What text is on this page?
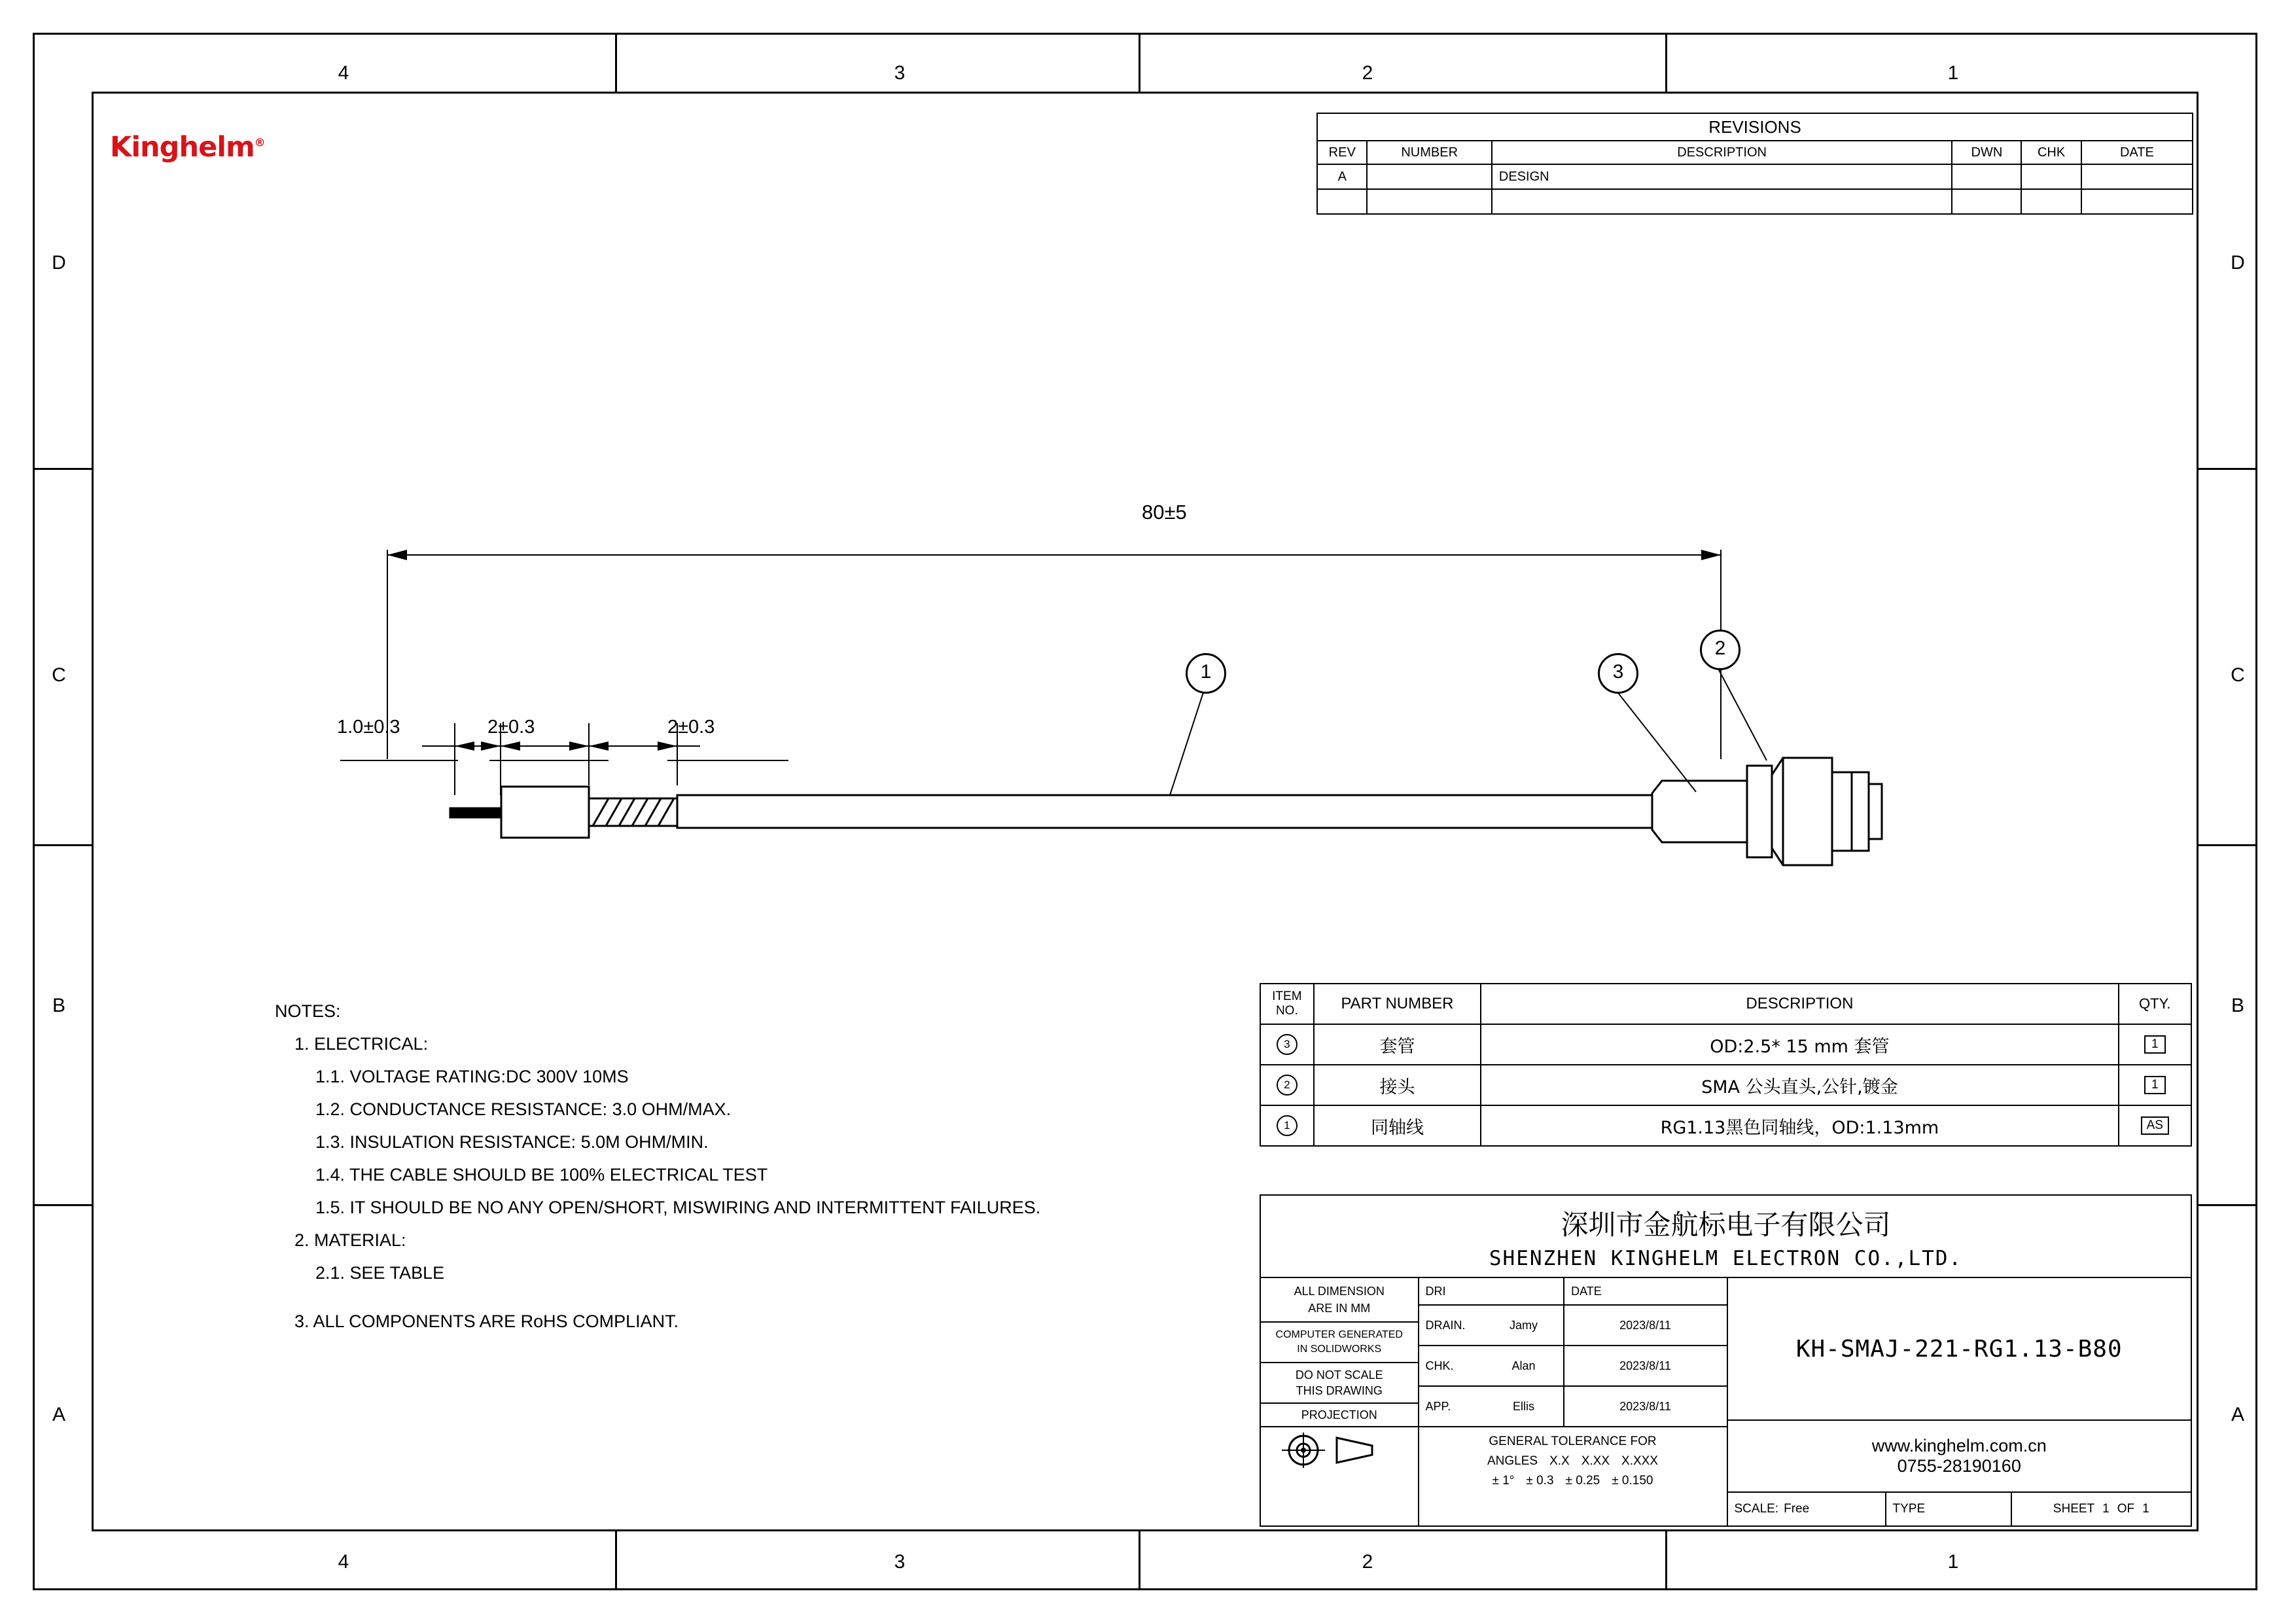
4	3	2	1
4	3	2	1
D
C
B
A
D
C
B
A
Kinghelm®
REVISIONS					
REV	NUMBER	DESCRIPTION	DWN	CHK	DATE
A		DESIGN			

80±5
1.0±0.3	2±0.3	2±0.3
1
2
3
NOTES:
1. ELECTRICAL:
1.1. VOLTAGE RATING:DC 300V 10MS
1.2. CONDUCTANCE RESISTANCE: 3.0 OHM/MAX.
1.3. INSULATION RESISTANCE: 5.0M OHM/MIN.
1.4. THE CABLE SHOULD BE 100% ELECTRICAL TEST
1.5. IT SHOULD BE NO ANY OPEN/SHORT, MISWIRING AND INTERMITTENT FAILURES.
2. MATERIAL:
2.1. SEE TABLE
3. ALL COMPONENTS ARE RoHS COMPLIANT.
ITEM
NO.	PART NUMBER	DESCRIPTION	QTY.
3	套管	OD:2.5* 15 mm 套管	1
2	接头	SMA 公头直头,公针,镀金	1
1	同轴线	RG1.13黑色同轴线，OD:1.13mm	AS
深圳市金航标电子有限公司
SHENZHEN KINGHELM ELECTRON CO.,LTD.
ALL DIMENSION
ARE IN MM
COMPUTER GENERATED
IN SOLIDWORKS
DO NOT SCALE
THIS DRAWING
PROJECTION
DRI	DATE
DRAIN.	Jamy	2023/8/11
CHK.	Alan	2023/8/11
APP.	Ellis	2023/8/11
GENERAL TOLERANCE FOR
ANGLES X.X X.XX X.XXX
± 1° ± 0.3 ± 0.25 ± 0.150
KH-SMAJ-221-RG1.13-B80
www.kinghelm.com.cn
0755-28190160
SCALE: Free	TYPE	SHEET 1 OF 1
